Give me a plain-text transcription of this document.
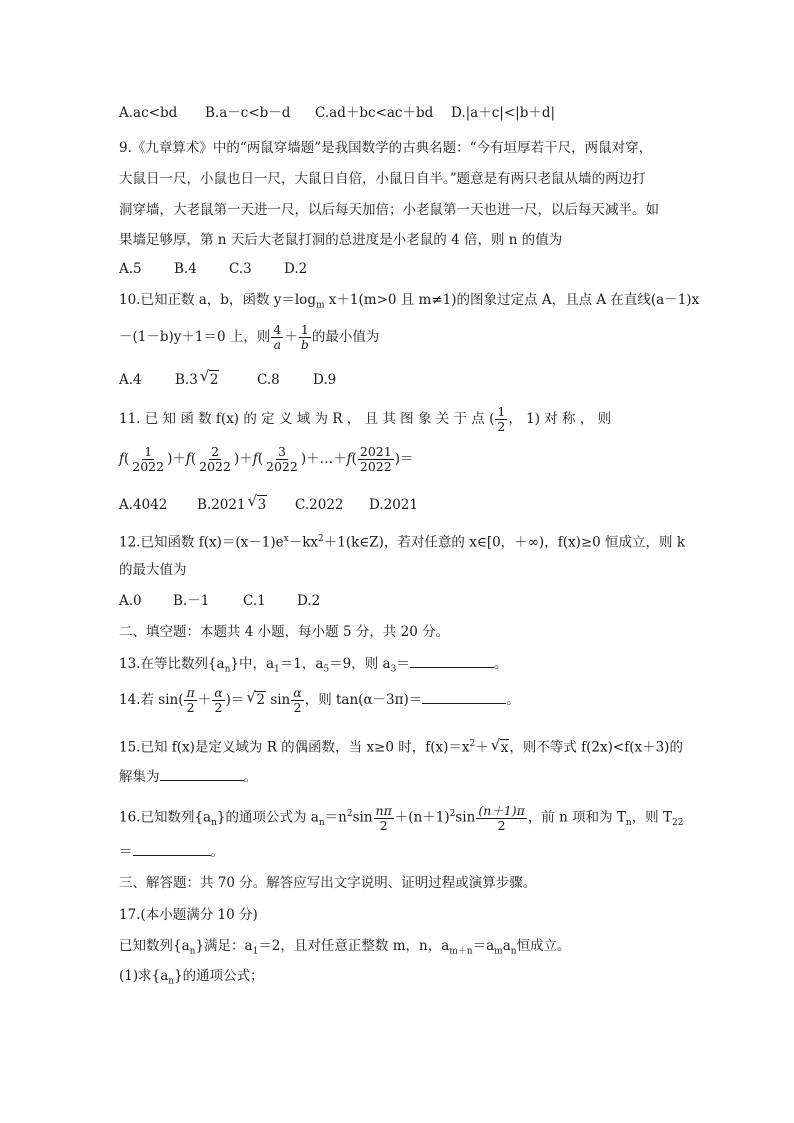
A.ac<bd B.a－c<b－d C.ad＋bc<ac＋bd D.|a＋c|<|b＋d|
9.《九章算术》中的“两鼠穿墙题”是我国数学的古典名题：“今有垣厚若干尺，两鼠对穿，
大鼠日一尺，小鼠也日一尺，大鼠日自倍，小鼠日自半。”题意是有两只老鼠从墙的两边打
洞穿墙，大老鼠第一天进一尺，以后每天加倍；小老鼠第一天也进一尺，以后每天减半。如
果墙足够厚，第 n 天后大老鼠打洞的总进度是小老鼠的 4 倍，则 n 的值为
A.5 B.4 C.3 D.2
10.已知正数 a，b，函数 $y=\log_m$ x＋1(m>0 且 m≠1)的图象过定点 A，且点 A 在直线(a－1)x
－(1－b)y＋1＝0 上，则 $\frac{4}{a} + \frac{1}{b}$ 的最小值为
A.4 B.3 √ 2	C.8 D.9
11. 已 知 函 数 f(x) 的 定 义 域 为 R ， 且 其 图 象 关 于 点 ( $\frac{1}{2}$ ， 1) 对 称 ， 则
$f( \frac{1}{2022} )+f( \frac{2}{2022} )+f( \frac{3}{2022}$ )＋…＋f( $\frac{2021}{2022}$ )＝
A.4042 B.2021 √ 3 C.2022 D.2021
12.已知函数 $f(x)=(x-1)e^x-kx^2+1(k\in Z)$，若对任意的 x∈[0，＋∞)，f(x)≥0 恒成立，则 k
的最大值为
A.0 B.－1 C.1 D.2
二、填空题：本题共 4 小题，每小题 5 分，共 20 分。
13.在等比数列$\{a_n\}$中，$a_1=1$，$a_5=9$，则 $a_3=$	。
14.若 $\sin( \frac{\pi}{2} + \frac{\alpha}{2}$ )＝ √ 2 $\sin \frac{\alpha}{2}$ ，则 tan(α－3π)＝	。
15.已知 f(x)是定义域为 R 的偶函数，当 x≥0 时，$f(x)=x^2+$ √ x，则不等式 f(2x)<f(x＋3)的
解集为	。
16.已知数列$\{a_n\}$的通项公式为 $a_n=n^2\sin \frac{n\pi}{2} +(n+1)^2\sin \frac{(n+1)\pi}{2}$ ，前 n 项和为 $T_n$，则 $T_{22}$
＝	。
三、解答题：共 70 分。解答应写出文字说明、证明过程或演算步骤。
17.(本小题满分 10 分)
已知数列$\{a_n\}$满足：$a_1=2$，且对任意正整数 m，n，$a_{m+n}=a_ma_n$恒成立。
(1)求$\{a_n\}$的通项公式；
